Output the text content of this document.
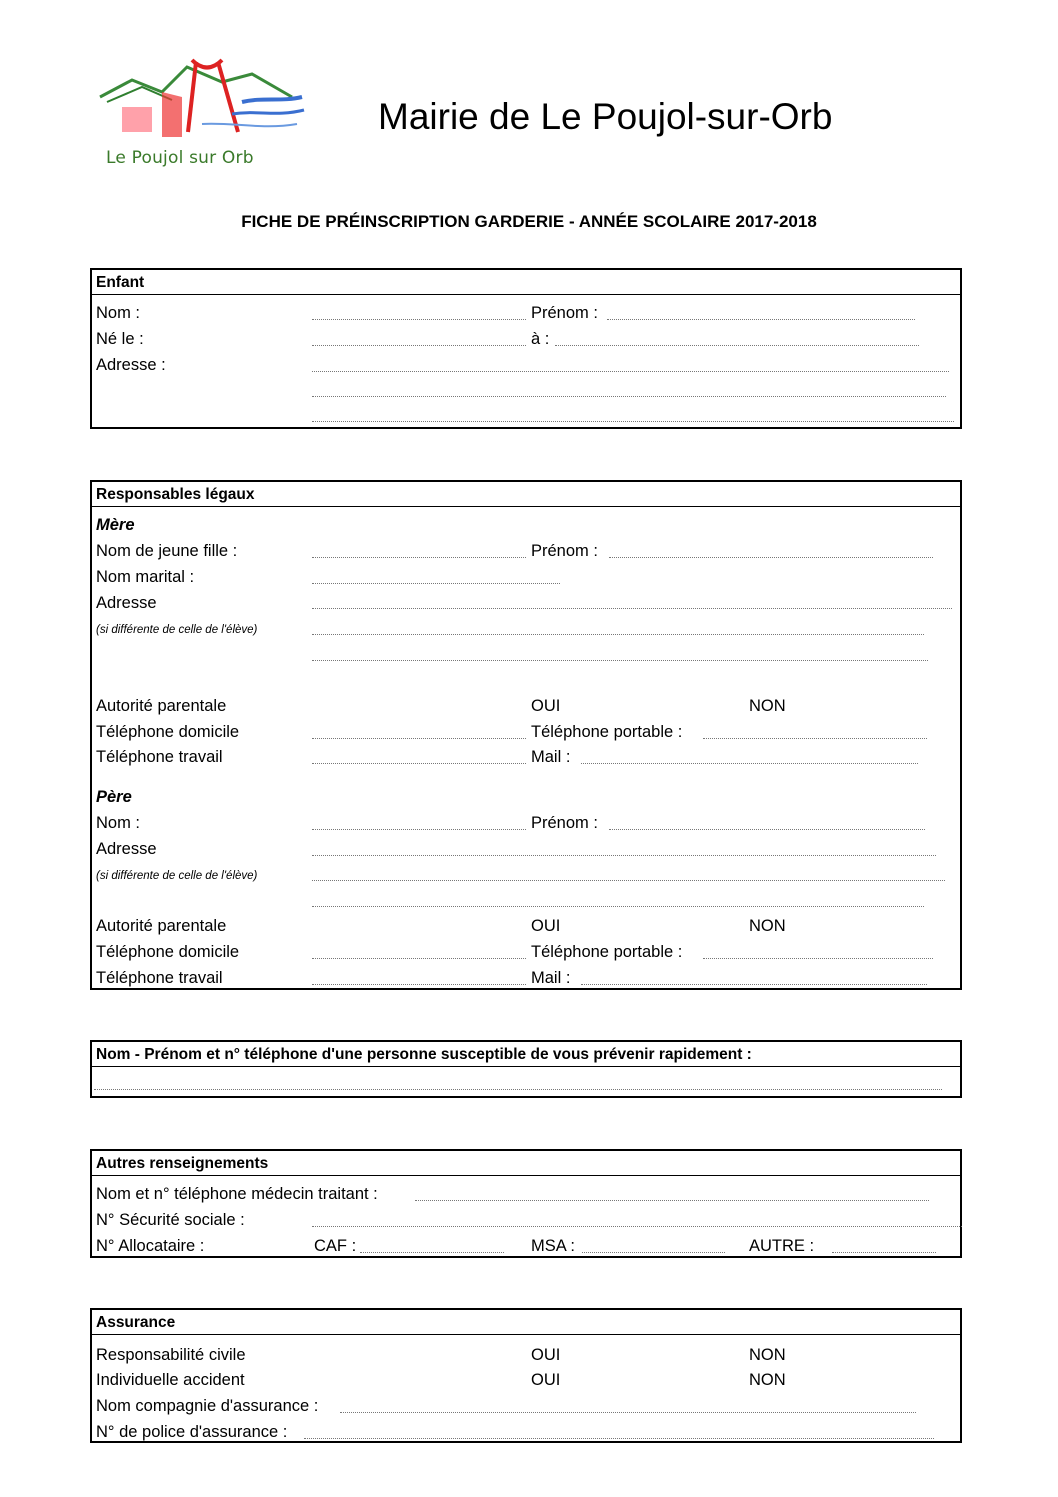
Le Poujol sur Orb
Mairie de Le Poujol-sur-Orb
FICHE DE PRÉINSCRIPTION GARDERIE - ANNÉE SCOLAIRE 2017-2018
Enfant
Nom :	Prénom :
Né le :	à :
Adresse :
Responsables légaux
Mère
Nom de jeune fille :	Prénom :
Nom marital :
Adresse
(si différente de celle de l'élève)
Autorité parentale	OUI	NON
Téléphone domicile	Téléphone portable :
Téléphone travail	Mail :
Père
Nom :	Prénom :
Adresse
(si différente de celle de l'élève)
Autorité parentale	OUI	NON
Téléphone domicile	Téléphone portable :
Téléphone travail	Mail :
Nom - Prénom et n° téléphone d'une personne susceptible de vous prévenir rapidement :
Autres renseignements
Nom et n° téléphone médecin traitant :
N° Sécurité sociale :
N° Allocataire :	CAF :	MSA :	AUTRE :
Assurance
Responsabilité civile	OUI	NON
Individuelle accident	OUI	NON
Nom compagnie d'assurance :
N° de police d'assurance :
